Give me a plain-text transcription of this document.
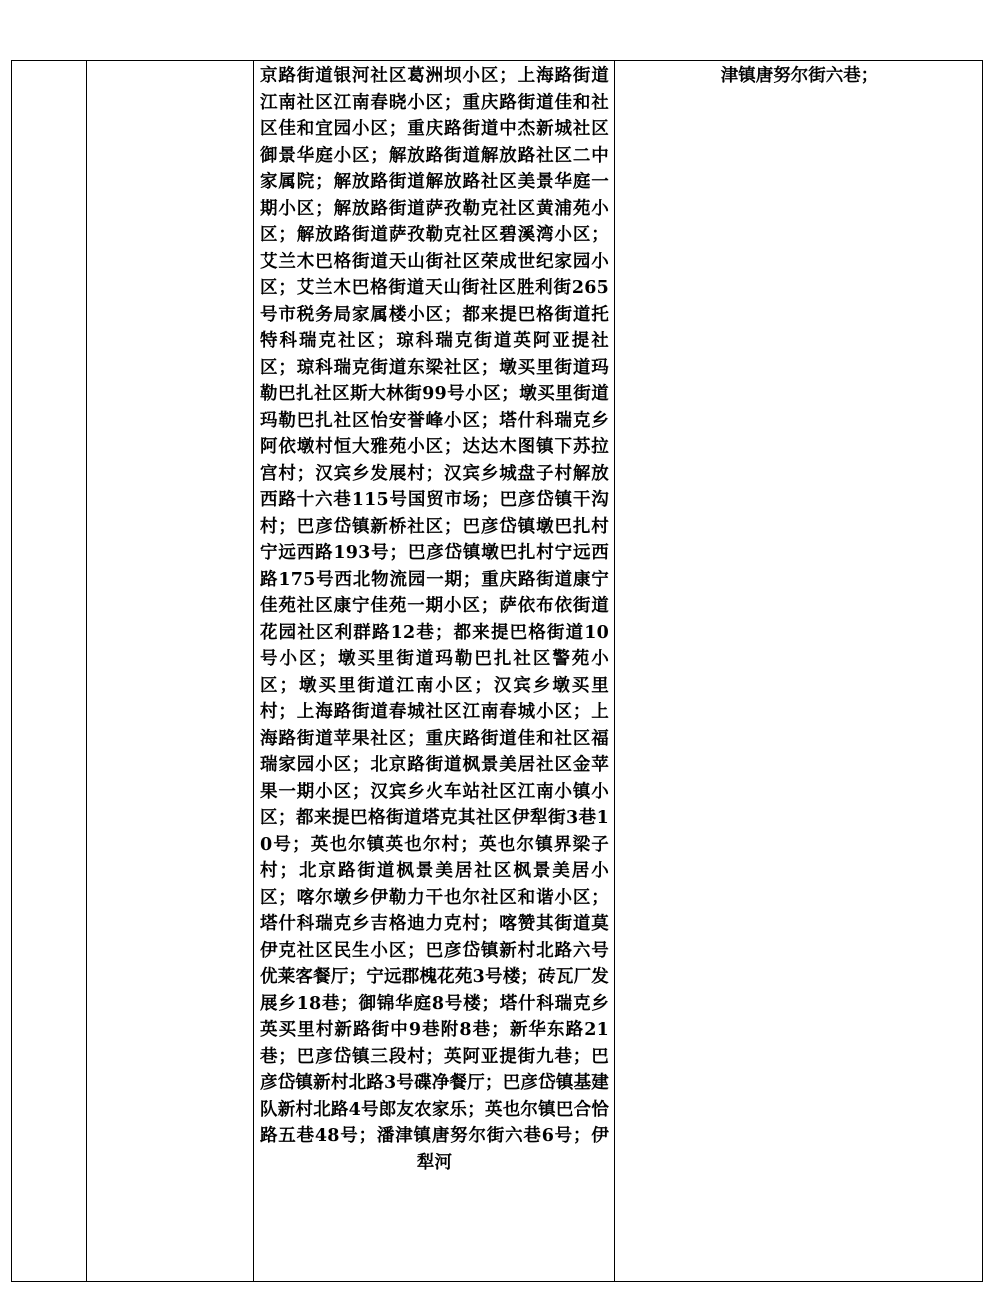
京路街道银河社区葛洲坝小区；上海路街道江南社区江南春晓小区；重庆路街道佳和社区佳和宜园小区；重庆路街道中杰新城社区御景华庭小区；解放路街道解放路社区二中家属院；解放路街道解放路社区美景华庭一期小区；解放路街道萨孜勒克社区黄浦苑小区；解放路街道萨孜勒克社区碧溪湾小区；艾兰木巴格街道天山街社区荣成世纪家园小区；艾兰木巴格街道天山街社区胜利街265号市税务局家属楼小区；都来提巴格街道托特科瑞克社区；琼科瑞克街道英阿亚提社区；琼科瑞克街道东梁社区；墩买里街道玛勒巴扎社区斯大林街99号小区；墩买里街道玛勒巴扎社区怡安誉峰小区；塔什科瑞克乡阿依墩村恒大雅苑小区；达达木图镇下苏拉宫村；汉宾乡发展村；汉宾乡城盘子村解放西路十六巷115号国贸市场；巴彦岱镇干沟村；巴彦岱镇新桥社区；巴彦岱镇墩巴扎村宁远西路193号；巴彦岱镇墩巴扎村宁远西路175号西北物流园一期；重庆路街道康宁佳苑社区康宁佳苑一期小区；萨依布依街道花园社区利群路12巷；都来提巴格街道10号小区；墩买里街道玛勒巴扎社区警苑小区；墩买里街道江南小区；汉宾乡墩买里村；上海路街道春城社区江南春城小区；上海路街道苹果社区；重庆路街道佳和社区福瑞家园小区；北京路街道枫景美居社区金苹果一期小区；汉宾乡火车站社区江南小镇小区；都来提巴格街道塔克其社区伊犁街3巷10号；英也尔镇英也尔村；英也尔镇界梁子村；北京路街道枫景美居社区枫景美居小区；喀尔墩乡伊勒力干也尔社区和谐小区；塔什科瑞克乡吉格迪力克村；喀赞其街道莫伊克社区民生小区；巴彦岱镇新村北路六号优莱客餐厅；宁远郡槐花苑3号楼；砖瓦厂发展乡18巷；御锦华庭8号楼；塔什科瑞克乡英买里村新路街中9巷附8巷；新华东路21巷；巴彦岱镇三段村；英阿亚提街九巷；巴彦岱镇新村北路3号碟净餐厅；巴彦岱镇基建队新村北路4号郎友农家乐；英也尔镇巴合恰路五巷48号；潘津镇唐努尔街六巷6号；伊犁河
津镇唐努尔街六巷；
